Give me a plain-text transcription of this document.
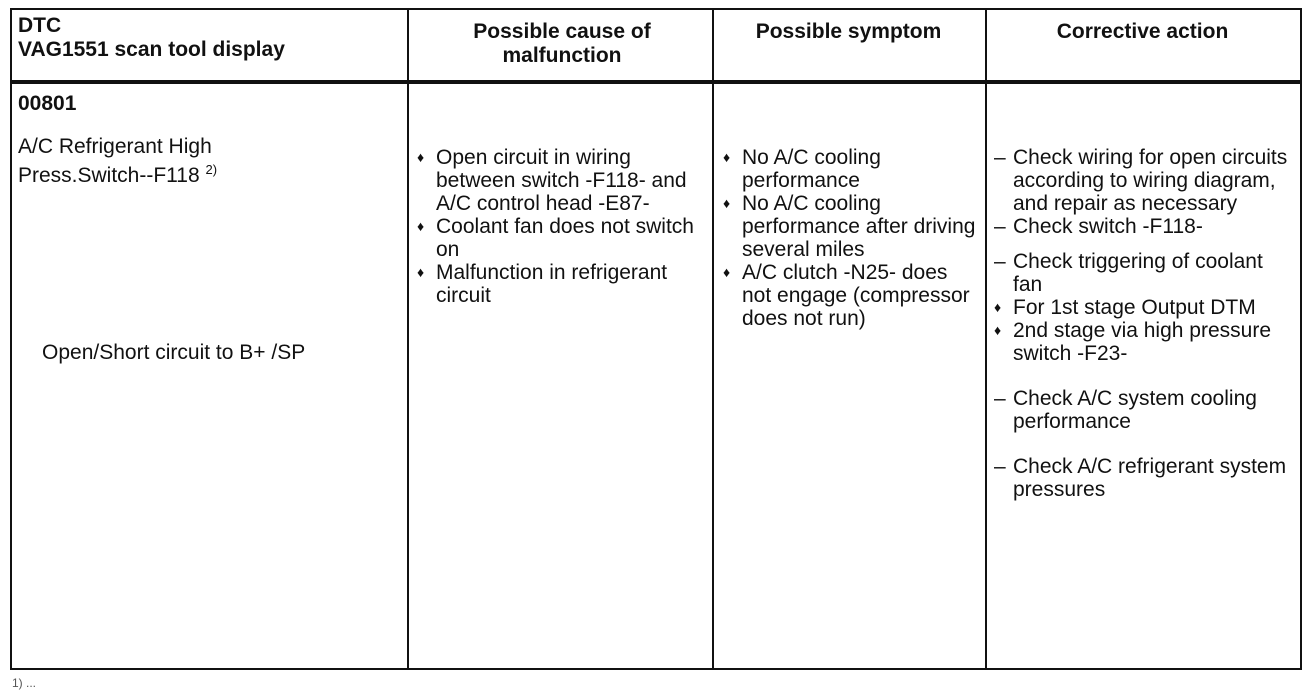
DTC
VAG1551 scan tool display
Possible cause of malfunction
Possible symptom	Corrective action
00801
A/C Refrigerant High
Press.Switch--F118 $^{2)}$
Open/Short circuit to B+ /SP
♦ Open circuit in wiring between switch -F118- and A/C control head -E87-
♦ Coolant fan does not switch on
♦ Malfunction in refrigerant circuit
♦ No A/C cooling performance
♦ No A/C cooling performance after driving several miles
♦ A/C clutch -N25- does not engage (compressor does not run)
– Check wiring for open circuits according to wiring diagram, and repair as necessary
– Check switch -F118-
– Check triggering of coolant fan
♦ For 1st stage Output DTM
♦ 2nd stage via high pressure switch -F23-
– Check A/C system cooling performance
– Check A/C refrigerant system pressures
1) ...
